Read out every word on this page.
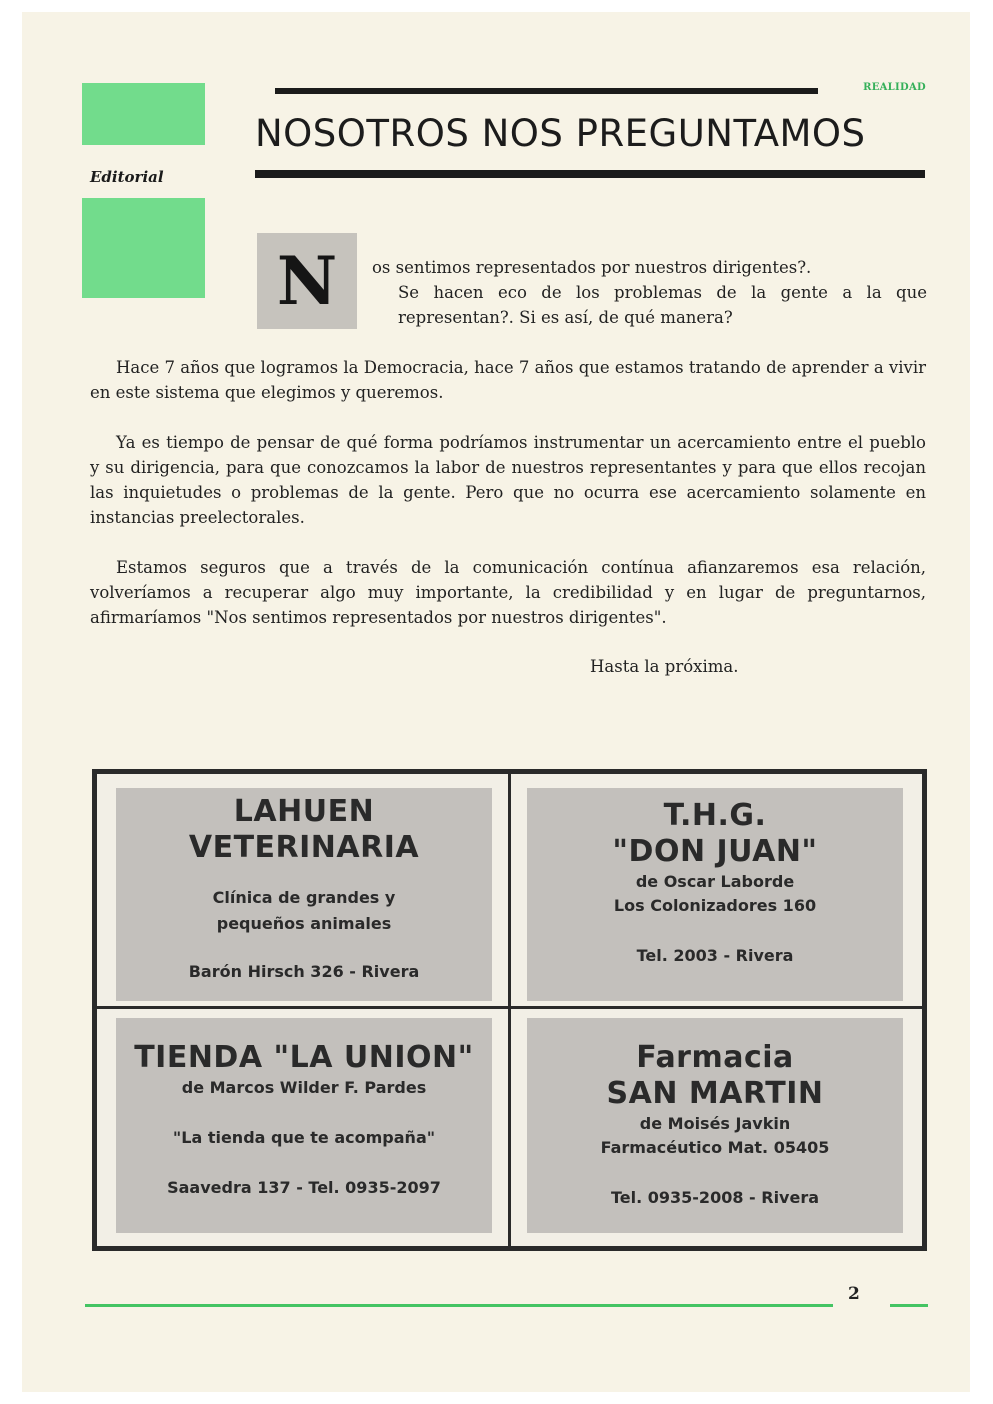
Editorial
REALIDAD
NOSOTROS NOS PREGUNTAMOS
N os sentimos representados por nuestros dirigentes?.

Se hacen eco de los problemas de la gente a la que representan?. Si es así, de qué manera?

Hace 7 años que logramos la Democracia, hace 7 años que estamos tratando de aprender a vivir en este sistema que elegimos y queremos.

Ya es tiempo de pensar de qué forma podríamos instrumentar un acercamiento entre el pueblo y su dirigencia, para que conozcamos la labor de nuestros representantes y para que ellos recojan las inquietudes o problemas de la gente. Pero que no ocurra ese acercamiento solamente en instancias preelectorales.

Estamos seguros que a través de la comunicación contínua afianzaremos esa relación, volveríamos a recuperar algo muy importante, la credibilidad y en lugar de preguntarnos, afirmaríamos "Nos sentimos representados por nuestros dirigentes".

Hasta la próxima.
LAHUEN
VETERINARIA
Clínica de grandes y
pequeños animales
Barón Hirsch 326 - Rivera
T.H.G.
"DON JUAN"
de Oscar Laborde
Los Colonizadores 160
Tel. 2003 - Rivera
TIENDA "LA UNION"
de Marcos Wilder F. Pardes
"La tienda que te acompaña"
Saavedra 137 - Tel. 0935-2097
Farmacia
SAN MARTIN
de Moisés Javkin
Farmacéutico Mat. 05405
Tel. 0935-2008 - Rivera
2
